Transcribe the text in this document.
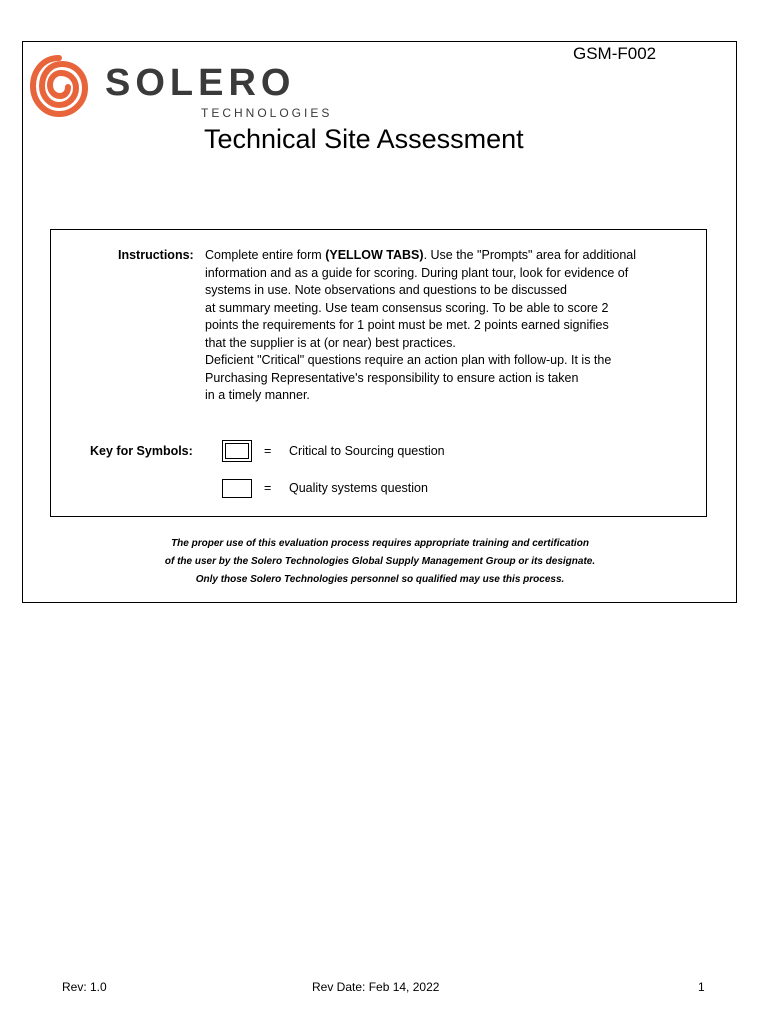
GSM-F002
SOLERO
TECHNOLOGIES
Technical Site Assessment
Instructions: Complete entire form (YELLOW TABS). Use the "Prompts" area for additional
information and as a guide for scoring. During plant tour, look for evidence of
systems in use. Note observations and questions to be discussed
at summary meeting. Use team consensus scoring. To be able to score 2
points the requirements for 1 point must be met. 2 points earned signifies
that the supplier is at (or near) best practices.
Deficient "Critical" questions require an action plan with follow-up. It is the
Purchasing Representative's responsibility to ensure action is taken
in a timely manner.
Key for Symbols:	= Critical to Sourcing question
= Quality systems question
The proper use of this evaluation process requires appropriate training and certification
of the user by the Solero Technologies Global Supply Management Group or its designate.
Only those Solero Technologies personnel so qualified may use this process.
Rev: 1.0	Rev Date: Feb 14, 2022	1
